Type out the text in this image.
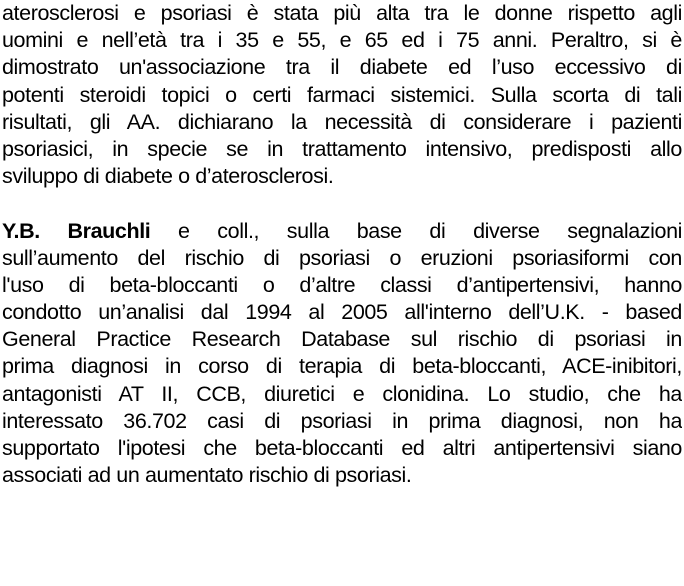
aterosclerosi e psoriasi è stata più alta tra le donne rispetto agli
uomini e nell’età tra i 35 e 55, e 65 ed i 75 anni. Peraltro, si è
dimostrato un'associazione tra il diabete ed l’uso eccessivo di
potenti steroidi topici o certi farmaci sistemici. Sulla scorta di tali
risultati, gli AA. dichiarano la necessità di considerare i pazienti
psoriasici, in specie se in trattamento intensivo, predisposti allo
sviluppo di diabete o d’aterosclerosi.
Y.B. Brauchli e coll., sulla base di diverse segnalazioni
sull’aumento del rischio di psoriasi o eruzioni psoriasiformi con
l'uso di beta-bloccanti o d’altre classi d’antipertensivi, hanno
condotto un’analisi dal 1994 al 2005 all'interno dell’U.K. - based
General Practice Research Database sul rischio di psoriasi in
prima diagnosi in corso di terapia di beta-bloccanti, ACE-inibitori,
antagonisti AT II, CCB, diuretici e clonidina. Lo studio, che ha
interessato 36.702 casi di psoriasi in prima diagnosi, non ha
supportato l'ipotesi che beta-bloccanti ed altri antipertensivi siano
associati ad un aumentato rischio di psoriasi.
